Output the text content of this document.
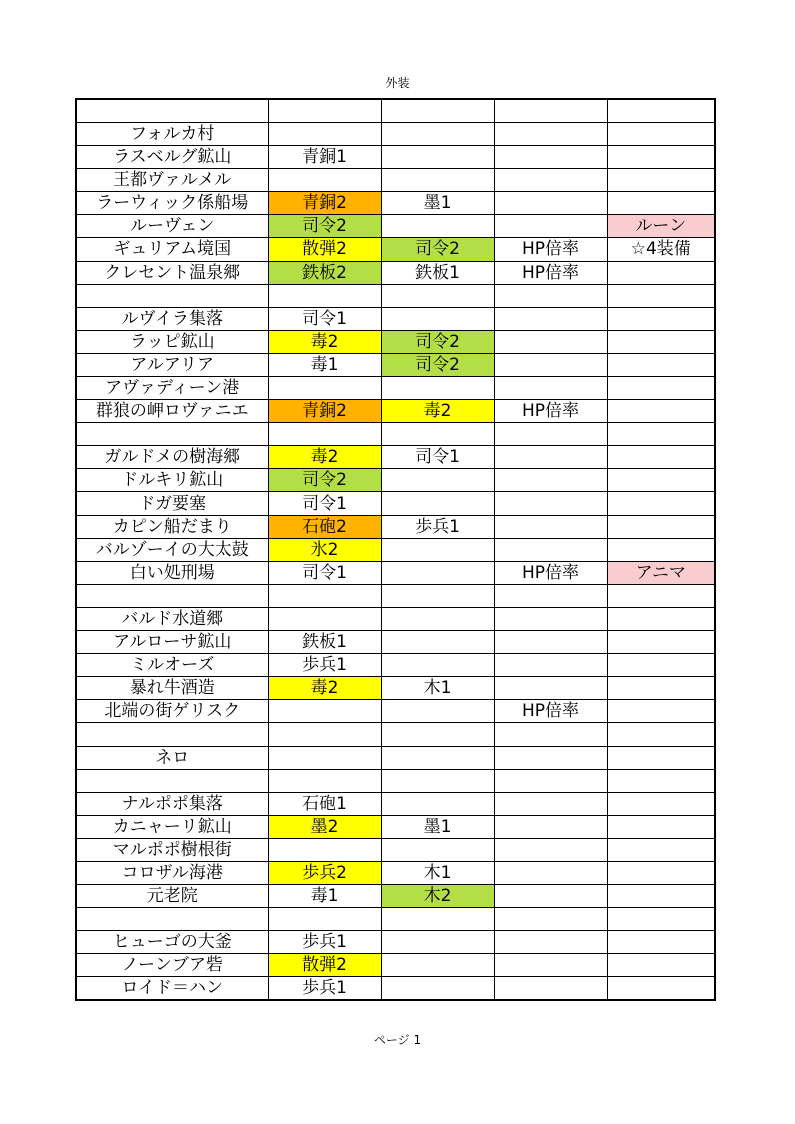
外装

フォルカ村				
ラスベルグ鉱山	青銅1			
王都ヴァルメル				
ラーウィック係船場	青銅2	墨1		
ルーヴェン	司令2			ルーン
ギュリアム境国	散弾2	司令2	HP倍率	☆4装備
クレセント温泉郷	鉄板2	鉄板1	HP倍率	

ルヴイラ集落	司令1			
ラッピ鉱山	毒2	司令2		
アルアリア	毒1	司令2		
アヴァディーン港				
群狼の岬ロヴァニエ	青銅2	毒2	HP倍率	

ガルドメの樹海郷	毒2	司令1		
ドルキリ鉱山	司令2			
ドガ要塞	司令1			
カピン船だまり	石砲2	歩兵1		
バルゾーイの大太鼓	氷2			
白い処刑場	司令1		HP倍率	アニマ

バルド水道郷				
アルローサ鉱山	鉄板1			
ミルオーズ	歩兵1			
暴れ牛酒造	毒2	木1		
北端の街ゲリスク			HP倍率	

ネロ				

ナルポポ集落	石砲1			
カニャーリ鉱山	墨2	墨1		
マルポポ樹根街				
コロザル海港	歩兵2	木1		
元老院	毒1	木2		

ヒューゴの大釜	歩兵1			
ノーンブア砦	散弾2			
ロイド＝ハン	歩兵1			
ページ 1
